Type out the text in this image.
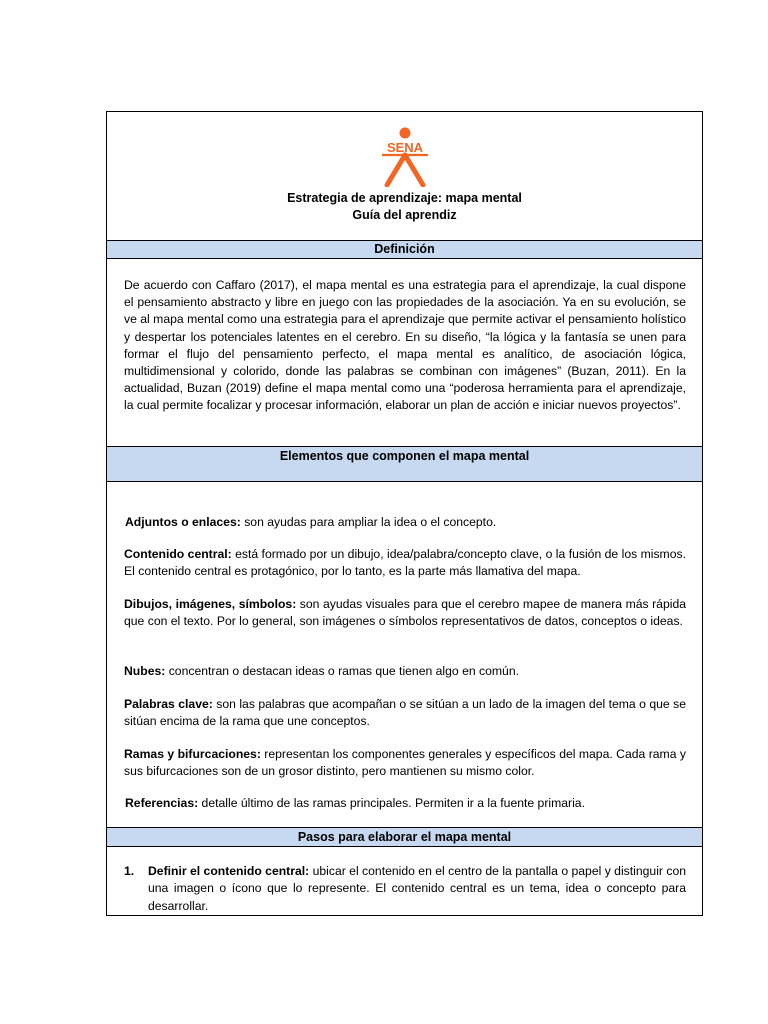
SENA
Estrategia de aprendizaje: mapa mental
Guía del aprendiz
Definición
De acuerdo con Caffaro (2017), el mapa mental es una estrategia para el aprendizaje, la cual dispone el pensamiento abstracto y libre en juego con las propiedades de la asociación. Ya en su evolución, se ve al mapa mental como una estrategia para el aprendizaje que permite activar el pensamiento holístico y despertar los potenciales latentes en el cerebro. En su diseño, “la lógica y la fantasía se unen para formar el flujo del pensamiento perfecto, el mapa mental es analítico, de asociación lógica, multidimensional y colorido, donde las palabras se combinan con imágenes” (Buzan, 2011). En la actualidad, Buzan (2019) define el mapa mental como una “poderosa herramienta para el aprendizaje, la cual permite focalizar y procesar información, elaborar un plan de acción e iniciar nuevos proyectos”.
Elementos que componen el mapa mental
Adjuntos o enlaces: son ayudas para ampliar la idea o el concepto.
Contenido central: está formado por un dibujo, idea/palabra/concepto clave, o la fusión de los mismos. El contenido central es protagónico, por lo tanto, es la parte más llamativa del mapa.
Dibujos, imágenes, símbolos: son ayudas visuales para que el cerebro mapee de manera más rápida que con el texto. Por lo general, son imágenes o símbolos representativos de datos, conceptos o ideas.
Nubes: concentran o destacan ideas o ramas que tienen algo en común.
Palabras clave: son las palabras que acompañan o se sitúan a un lado de la imagen del tema o que se sitúan encima de la rama que une conceptos.
Ramas y bifurcaciones: representan los componentes generales y específicos del mapa. Cada rama y sus bifurcaciones son de un grosor distinto, pero mantienen su mismo color.
Referencias: detalle último de las ramas principales. Permiten ir a la fuente primaria.
Pasos para elaborar el mapa mental
1.	Definir el contenido central: ubicar el contenido en el centro de la pantalla o papel y distinguir con una imagen o ícono que lo represente. El contenido central es un tema, idea o concepto para desarrollar.
